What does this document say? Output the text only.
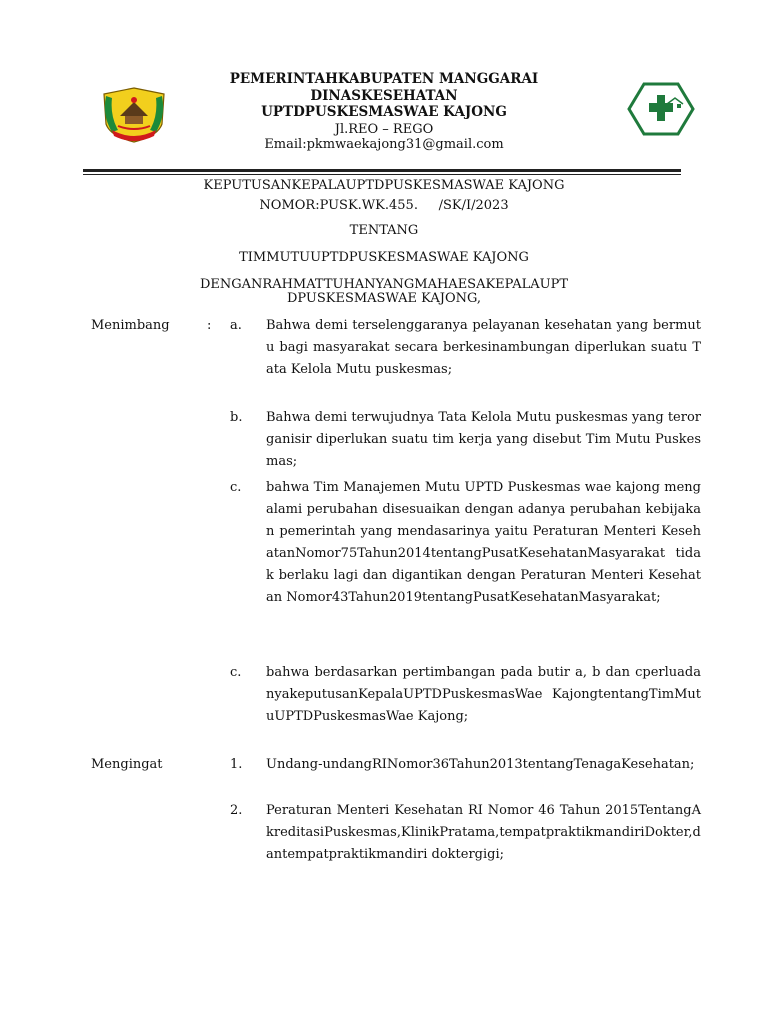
PEMERINTAHKABUPATEN MANGGARAI
DINASKESEHATAN
UPTDPUSKESMASWAE KAJONG
Jl.REO – REGO
Email:pkmwaekajong31@gmail.com
KEPUTUSANKEPALAUPTDPUSKESMASWAE KAJONG
NOMOR:PUSK.WK.455.     /SK/I/2023
TENTANG
TIMMUTUUPTDPUSKESMASWAE KAJONG
DENGANRAHMATTUHANYANGMAHAESAKEPALAUPT
DPUSKESMASWAE KAJONG,
Menimbang	: a. Bahwa demi terselenggaranya pelayanan kesehatan yang bermutu bagi masyarakat secara berkesinambungan diperlukan suatu Tata Kelola Mutu puskesmas;
b. Bahwa demi terwujudnya Tata Kelola Mutu puskesmas yang terorganisir diperlukan suatu tim kerja yang disebut Tim Mutu Puskesmas;
c. bahwa Tim Manajemen Mutu UPTD Puskesmas wae kajong mengalami perubahan disesuaikan dengan adanya perubahan kebijakan pemerintah yang mendasarinya yaitu Peraturan Menteri KesehatanNomor75Tahun2014tentangPusatKesehatanMasyarakat tidak berlaku lagi dan digantikan dengan Peraturan Menteri Kesehatan Nomor43Tahun2019tentangPusatKesehatanMasyarakat;
c. bahwa berdasarkan pertimbangan pada butir a, b dan cperluadanyakeputusanKepalaUPTDPuskesmasWae KajongtentangTimMutuUPTDPuskesmasWae Kajong;
Mengingat	1. Undang-undangRINomor36Tahun2013tentangTenagaKesehatan;
2. Peraturan Menteri Kesehatan RI Nomor 46 Tahun 2015TentangAkreditasiPuskesmas,KlinikPratama,tempatpraktikmandiriDokter,dantempatpraktikmandiri doktergigi;
